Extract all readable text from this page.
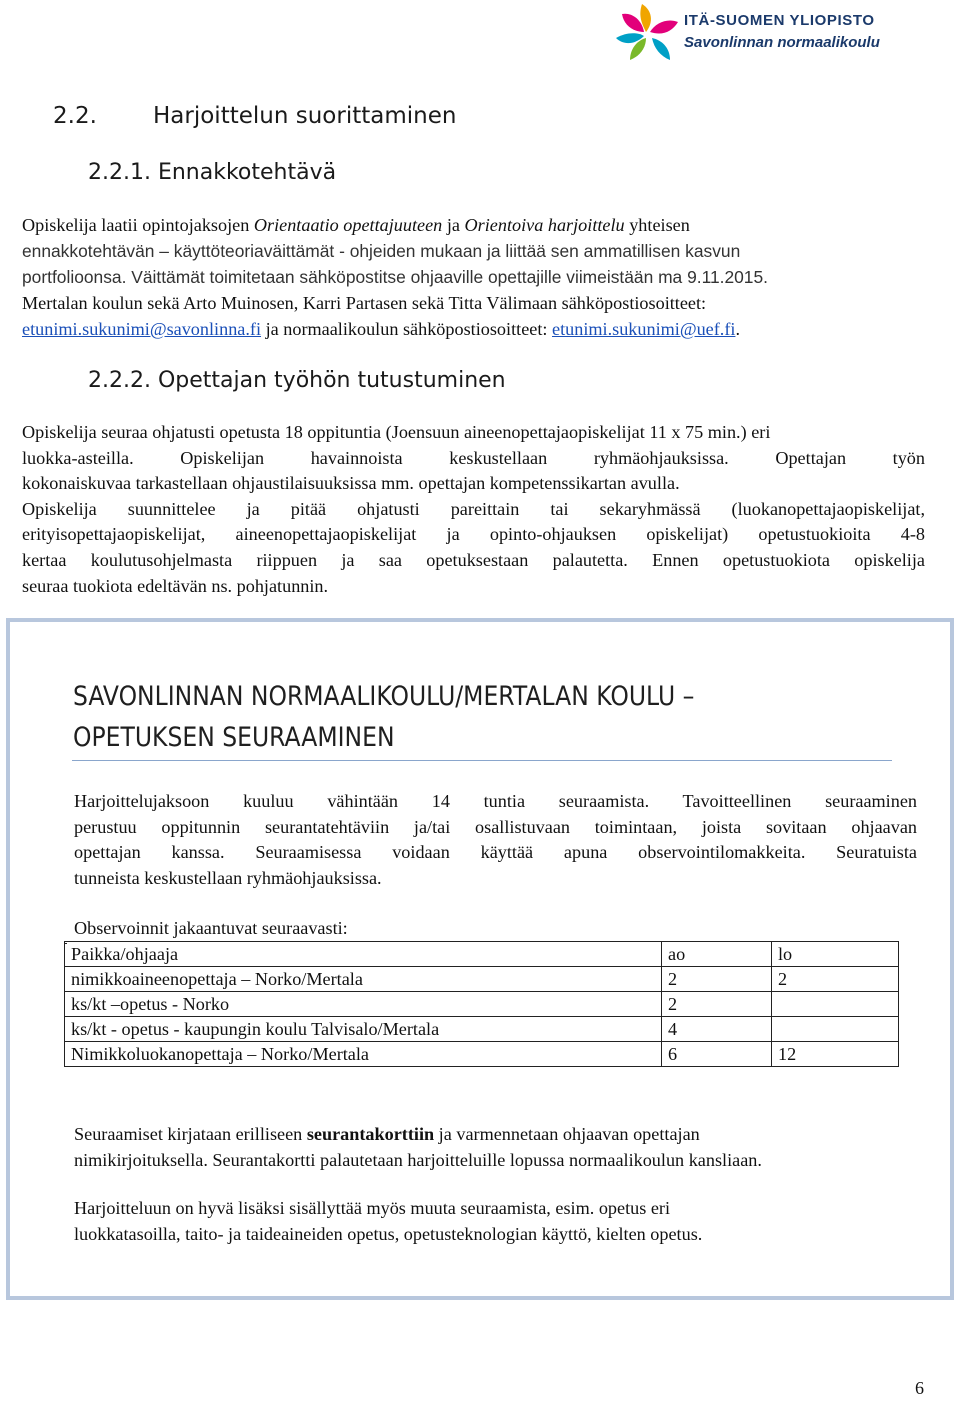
ITÄ-SUOMEN YLIOPISTO
Savonlinnan normaalikoulu
2.2. Harjoittelun suorittaminen
2.2.1. Ennakkotehtävä
Opiskelija laatii opintojaksojen Orientaatio opettajuuteen ja Orientoiva harjoittelu yhteisen
ennakkotehtävän – käyttöteoriaväittämät - ohjeiden mukaan ja liittää sen ammatillisen kasvun
portfolioonsa. Väittämät toimitetaan sähköpostitse ohjaaville opettajille viimeistään ma 9.11.2015.
Mertalan koulun sekä Arto Muinosen, Karri Partasen sekä Titta Välimaan sähköpostiosoitteet:
etunimi.sukunimi@savonlinna.fi ja normaalikoulun sähköpostiosoitteet: etunimi.sukunimi@uef.fi.
2.2.2. Opettajan työhön tutustuminen
Opiskelija seuraa ohjatusti opetusta 18 oppituntia (Joensuun aineenopettajaopiskelijat 11 x 75 min.) eri
luokka-asteilla. Opiskelijan havainnoista keskustellaan ryhmäohjauksissa. Opettajan työn
kokonaiskuvaa tarkastellaan ohjaustilaisuuksissa mm. opettajan kompetenssikartan avulla.
Opiskelija suunnittelee ja pitää ohjatusti pareittain tai sekaryhmässä (luokanopettajaopiskelijat,
erityisopettajaopiskelijat, aineenopettajaopiskelijat ja opinto-ohjauksen opiskelijat) opetustuokioita 4-8
kertaa koulutusohjelmasta riippuen ja saa opetuksestaan palautetta. Ennen opetustuokiota opiskelija
seuraa tuokiota edeltävän ns. pohjatunnin.
SAVONLINNAN NORMAALIKOULU/MERTALAN KOULU –
OPETUKSEN SEURAAMINEN
Harjoittelujaksoon kuuluu vähintään 14 tuntia seuraamista. Tavoitteellinen seuraaminen
perustuu oppitunnin seurantatehtäviin ja/tai osallistuvaan toimintaan, joista sovitaan ohjaavan
opettajan kanssa. Seuraamisessa voidaan käyttää apuna observointilomakkeita. Seuratuista
tunneista keskustellaan ryhmäohjauksissa.
Observoinnit jakaantuvat seuraavasti:
Paikka/ohjaaja	ao	lo
nimikkoaineenopettaja – Norko/Mertala	2	2
ks/kt –opetus - Norko	2	
ks/kt - opetus - kaupungin koulu Talvisalo/Mertala	4	
Nimikkoluokanopettaja – Norko/Mertala	6	12
Seuraamiset kirjataan erilliseen seurantakorttiin ja varmennetaan ohjaavan opettajan
nimikirjoituksella. Seurantakortti palautetaan harjoitteluille lopussa normaalikoulun kansliaan.
Harjoitteluun on hyvä lisäksi sisällyttää myös muuta seuraamista, esim. opetus eri
luokkatasoilla, taito- ja taideaineiden opetus, opetusteknologian käyttö, kielten opetus.
6
